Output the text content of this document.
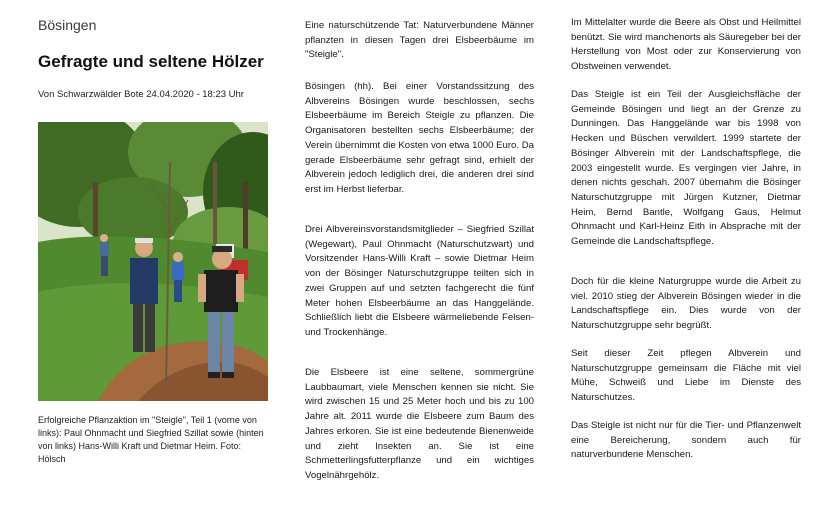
Bösingen
Gefragte und seltene Hölzer
Von Schwarzwälder Bote 24.04.2020 - 18:23 Uhr
Erfolgreiche Pflanzaktion im "Steigle", Teil 1 (vorne von links): Paul Ohnmacht und Siegfried Szillat sowie (hinten von links) Hans-Willi Kraft und Dietmar Heim. Foto: Hölsch

Eine naturschützende Tat: Naturverbundene Männer pflanzten in diesen Tagen drei Elsbeerbäume im "Steigle".

Bösingen (hh). Bei einer Vorstandssitzung des Albvereins Bösingen wurde beschlossen, sechs Elsbeerbäume im Bereich Steigle zu pflanzen. Die Organisatoren bestellten sechs Elsbeerbäume; der Verein übernimmt die Kosten von etwa 1000 Euro. Da gerade Elsbeerbäume sehr gefragt sind, erhielt der Albverein jedoch lediglich drei, die anderen drei sind erst im Herbst lieferbar.

Drei Albvereinsvorstandsmitglieder – Siegfried Szillat (Wegewart), Paul Ohnmacht (Naturschutzwart) und Vorsitzender Hans-Willi Kraft – sowie Dietmar Heim von der Bösinger Naturschutzgruppe teilten sich in zwei Gruppen auf und setzten fachgerecht die fünf Meter hohen Elsbeerbäume an das Hanggelände. Schließlich liebt die Elsbeere wärmeliebende Felsen- und Trockenhänge.

Die Elsbeere ist eine seltene, sommergrüne Laubbaumart, viele Menschen kennen sie nicht. Sie wird zwischen 15 und 25 Meter hoch und bis zu 100 Jahre alt. 2011 wurde die Elsbeere zum Baum des Jahres erkoren. Sie ist eine bedeutende Bienenweide und zieht Insekten an. Sie ist eine Schmetterlingsfutterpflanze und ein wichtiges Vogelnährgehölz.

Im Mittelalter wurde die Beere als Obst und Heilmittel benützt. Sie wird manchenorts als Säuregeber bei der Herstellung von Most oder zur Konservierung von Obstweinen verwendet.

Das Steigle ist ein Teil der Ausgleichsfläche der Gemeinde Bösingen und liegt an der Grenze zu Dunningen. Das Hanggelände war bis 1998 von Hecken und Büschen verwildert. 1999 startete der Bösinger Albverein mit der Landschaftspflege, die 2003 eingestellt wurde. Es vergingen vier Jahre, in denen nichts geschah. 2007 übernahm die Bösinger Naturschutzgruppe mit Jürgen Kutzner, Dietmar Heim, Bernd Bantle, Wolfgang Gaus, Helmut Ohnmacht und Karl-Heinz Eith in Absprache mit der Gemeinde die Landschaftspflege.

Doch für die kleine Naturgruppe wurde die Arbeit zu viel. 2010 stieg der Albverein Bösingen wieder in die Landschaftspflege ein. Dies wurde von der Naturschutzgruppe sehr begrüßt.

Seit dieser Zeit pflegen Albverein und Naturschutzgruppe gemeinsam die Fläche mit viel Mühe, Schweiß und Liebe im Dienste des Naturschutzes.

Das Steigle ist nicht nur für die Tier- und Pflanzenwelt eine Bereicherung, sondern auch für naturverbundene Menschen.
